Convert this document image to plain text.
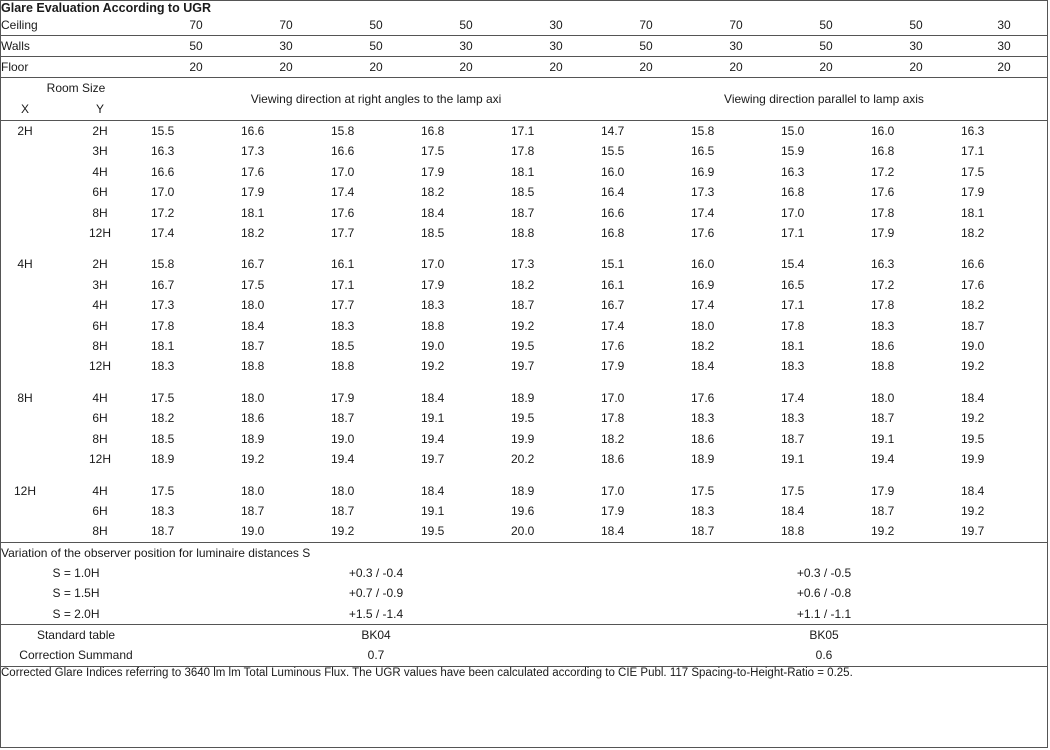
Glare Evaluation According to UGR											
Ceiling		70	70	50	50	30	70	70	50	50	30
Walls		50	30	50	30	30	50	30	50	30	30
Floor		20	20	20	20	20	20	20	20	20	20
Room Size		Viewing direction at right angles to the lamp axi					Viewing direction parallel to lamp axis				
X	Y										
2H	2H	15.5	16.6	15.8	16.8	17.1	14.7	15.8	15.0	16.0	16.3
	3H	16.3	17.3	16.6	17.5	17.8	15.5	16.5	15.9	16.8	17.1
	4H	16.6	17.6	17.0	17.9	18.1	16.0	16.9	16.3	17.2	17.5
	6H	17.0	17.9	17.4	18.2	18.5	16.4	17.3	16.8	17.6	17.9
	8H	17.2	18.1	17.6	18.4	18.7	16.6	17.4	17.0	17.8	18.1
	12H	17.4	18.2	17.7	18.5	18.8	16.8	17.6	17.1	17.9	18.2

4H	2H	15.8	16.7	16.1	17.0	17.3	15.1	16.0	15.4	16.3	16.6
	3H	16.7	17.5	17.1	17.9	18.2	16.1	16.9	16.5	17.2	17.6
	4H	17.3	18.0	17.7	18.3	18.7	16.7	17.4	17.1	17.8	18.2
	6H	17.8	18.4	18.3	18.8	19.2	17.4	18.0	17.8	18.3	18.7
	8H	18.1	18.7	18.5	19.0	19.5	17.6	18.2	18.1	18.6	19.0
	12H	18.3	18.8	18.8	19.2	19.7	17.9	18.4	18.3	18.8	19.2

8H	4H	17.5	18.0	17.9	18.4	18.9	17.0	17.6	17.4	18.0	18.4
	6H	18.2	18.6	18.7	19.1	19.5	17.8	18.3	18.3	18.7	19.2
	8H	18.5	18.9	19.0	19.4	19.9	18.2	18.6	18.7	19.1	19.5
	12H	18.9	19.2	19.4	19.7	20.2	18.6	18.9	19.1	19.4	19.9

12H	4H	17.5	18.0	18.0	18.4	18.9	17.0	17.5	17.5	17.9	18.4
	6H	18.3	18.7	18.7	19.1	19.6	17.9	18.3	18.4	18.7	19.2
	8H	18.7	19.0	19.2	19.5	20.0	18.4	18.7	18.8	19.2	19.7
Variation of the observer position for luminaire distances S											
S = 1.0H		+0.3 / -0.4					+0.3 / -0.5				
S = 1.5H		+0.7 / -0.9					+0.6 / -0.8				
S = 2.0H		+1.5 / -1.4					+1.1 / -1.1				
Standard table		BK04					BK05				
Correction Summand		0.7					0.6				
Corrected Glare Indices referring to 3640 lm lm Total Luminous Flux. The UGR values have been calculated according to CIE Publ. 117 Spacing-to-Height-Ratio = 0.25.											
